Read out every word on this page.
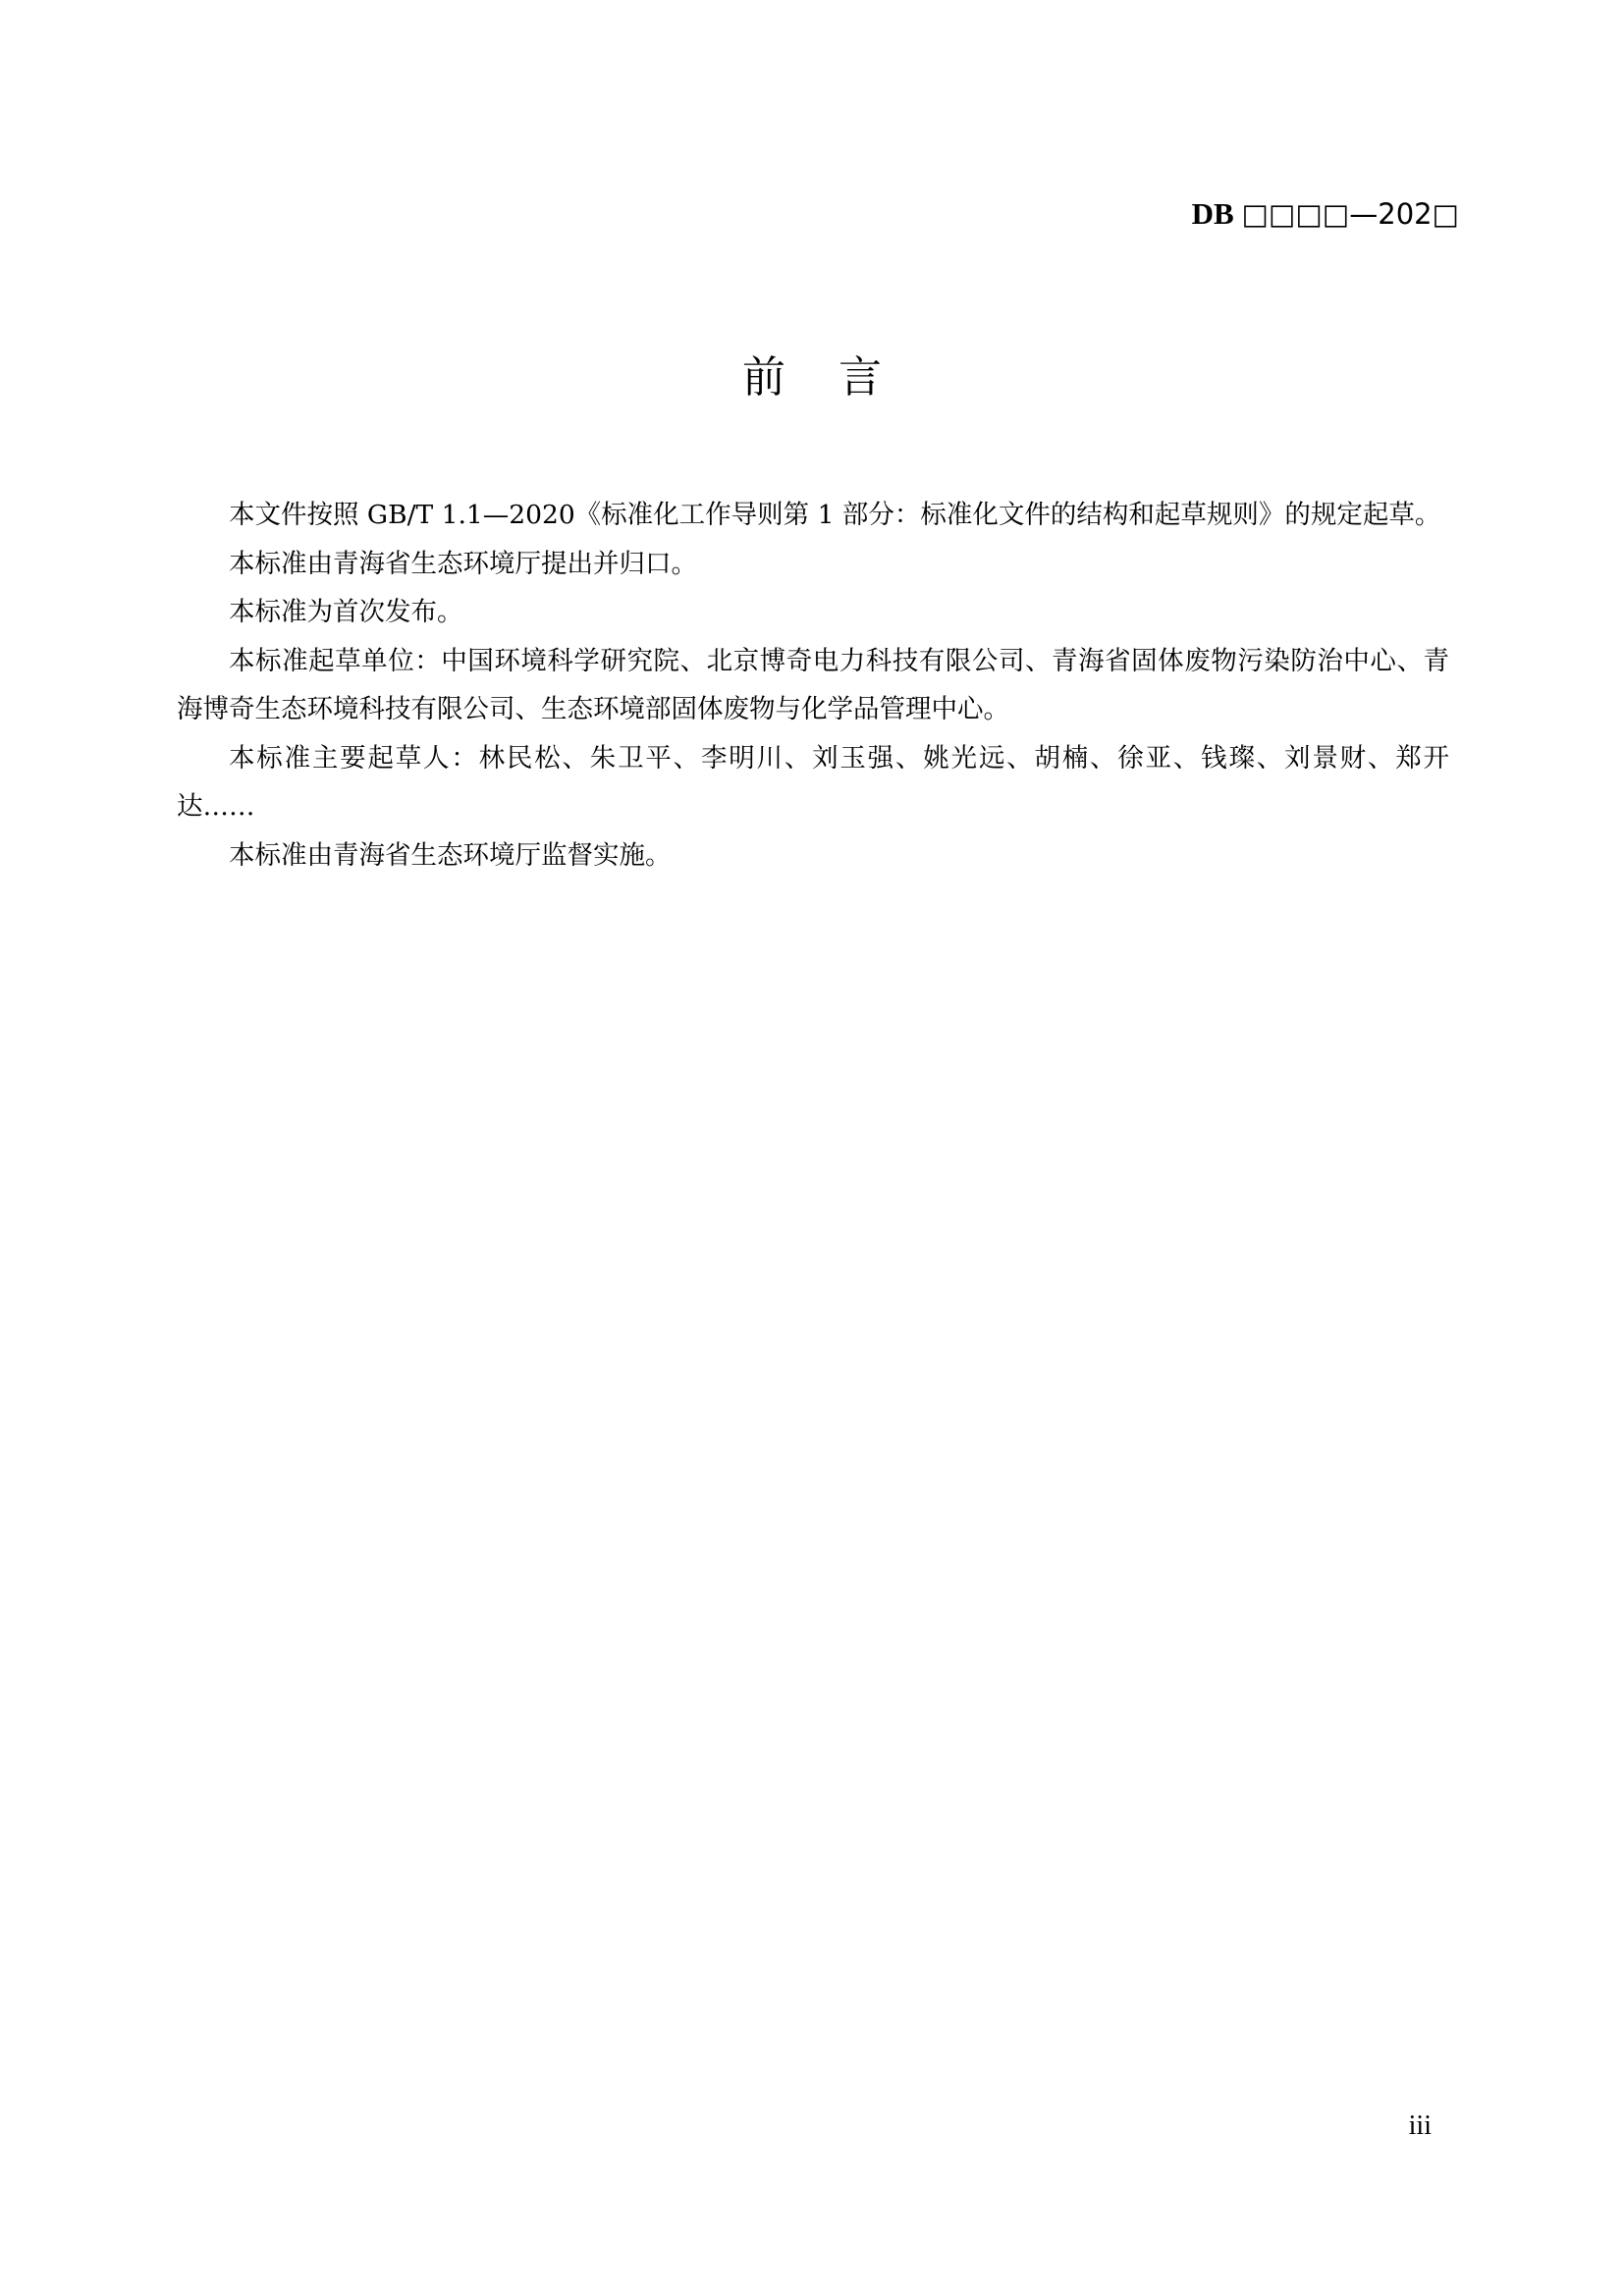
DB □□□□—202□
前 言

本文件按照 GB/T 1.1—2020《标准化工作导则第 1 部分：标准化文件的结构和起草规则》的规定起草。

本标准由青海省生态环境厅提出并归口。

本标准为首次发布。

本标准起草单位：中国环境科学研究院、北京博奇电力科技有限公司、青海省固体废物污染防治中心、青海博奇生态环境科技有限公司、生态环境部固体废物与化学品管理中心。

本标准主要起草人：林民松、朱卫平、李明川、刘玉强、姚光远、胡楠、徐亚、钱璨、刘景财、郑开达……

本标准由青海省生态环境厅监督实施。

iii
